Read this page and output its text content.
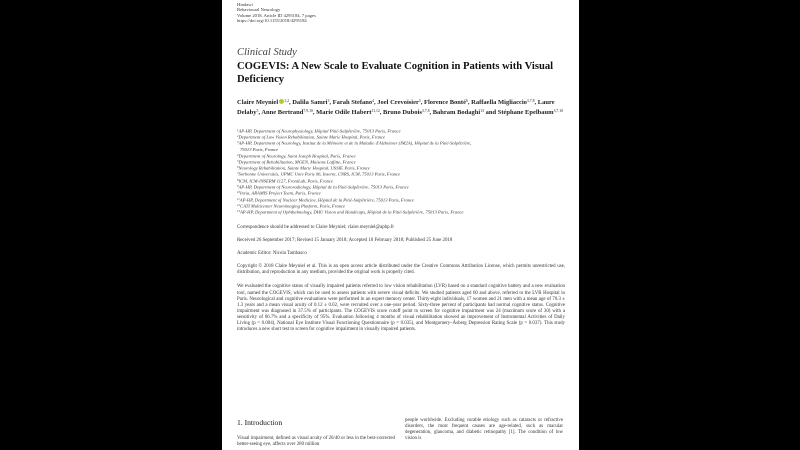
Hindawi
Behavioural Neurology
Volume 2018, Article ID 4295184, 7 pages
https://doi.org/10.1155/2018/4295184
Clinical Study
COGEVIS: A New Scale to Evaluate Cognition in Patients with Visual Deficiency
Claire Meyniel $^{1,2}$, Dalila Samri$^3$, Farah Stefano$^4$, Joel Crevoisier$^5$, Florence Bonté$^6$, Raffaella Migliaccio$^{3,7,8}$, Laure Delaby$^5$, Anne Bertrand$^{7,9,10}$, Marie Odile Habert$^{11,12}$, Bruno Dubois$^{3,7,8}$, Bahram Bodaghi$^{13}$ and Stéphane Epelbaum$^{3,7,10}$
$^1$AP-HP, Department of Neurophysiology, Hôpital Pitié-Salpêtrière, 75013 Paris, France
$^2$Department of Low Vision Rehabilitation, Sainte Marie Hospital, Paris, France
$^3$AP-HP, Department of Neurology, Institut de la Mémoire et de la Maladie d'Alzheimer (IM2A), Hôpital de la Pitié-Salpêtrière,
75013 Paris, France
$^4$Department of Neurology, Saint Joseph Hospital, Paris, France
$^5$Department of Rehabilitation, MGEN, Maisons Laffitte, France
$^6$Neurology Rehabilitation, Sainte Marie Hospital, USSIF, Paris, France
$^7$Sorbonne Universités, UPMC Univ Paris 06, Inserm, CNRS, ICM, 75013 Paris, France
$^8$ICM, ICM-INSERM 1127, FrontLab, Paris, France
$^9$AP-HP, Department of Neuroradiology, Hôpital de la Pitié-Salpêtrière, 75013 Paris, France
$^{10}$Inria, ARAMIS Project Team, Paris, France
$^{11}$AP-HP, Department of Nuclear Medicine, Hôpital de la Pitié-Salpêtrière, 75013 Paris, France
$^{12}$CATI Multicenter Neuroimaging Platform, Paris, France
$^{13}$AP-HP, Department of Ophthalmology, DHU Vision and Handicaps, Hôpital de la Pitié-Salpêtrière, 75013 Paris, France
Correspondence should be addressed to Claire Meyniel; claire.meyniel@aphp.fr
Received 26 September 2017; Revised 15 January 2018; Accepted 10 February 2018; Published 25 June 2018
Academic Editor: Nicola Tambasco
Copyright © 2018 Claire Meyniel et al. This is an open access article distributed under the Creative Commons Attribution License, which permits unrestricted use, distribution, and reproduction in any medium, provided the original work is properly cited.
We evaluated the cognitive status of visually impaired patients referred to low vision rehabilitation (LVR) based on a standard cognitive battery and a new evaluation tool, named the COGEVIS, which can be used to assess patients with severe visual deficits. We studied patients aged 60 and above, referred to the LVR Hospital in Paris. Neurological and cognitive evaluations were performed in an expert memory center. Thirty-eight individuals, 17 women and 21 men with a mean age of 70.3 ± 1.3 years and a mean visual acuity of 0.12 ± 0.02, were recruited over a one-year period. Sixty-three percent of participants had normal cognitive status. Cognitive impairment was diagnosed in 37.5% of participants. The COGEVIS score cutoff point to screen for cognitive impairment was 24 (maximum score of 30) with a sensitivity of 66.7% and a specificity of 95%. Evaluation following 4 months of visual rehabilitation showed an improvement of Instrumental Activities of Daily Living (p = 0.004), National Eye Institute Visual Functioning Questionnaire (p = 0.035), and Montgomery–Åsberg Depression Rating Scale (p = 0.037). This study introduces a new short test to screen for cognitive impairment in visually impaired patients.
1. Introduction
Visual impairment, defined as visual acuity of 20/40 or less in the best-corrected better-seeing eye, affects over 280 million
people worldwide. Excluding curable etiology such as cataracts or refractive disorders, the most frequent causes are age-related, such as macular degeneration, glaucoma, and diabetic retinopathy [1]. The condition of low vision is
